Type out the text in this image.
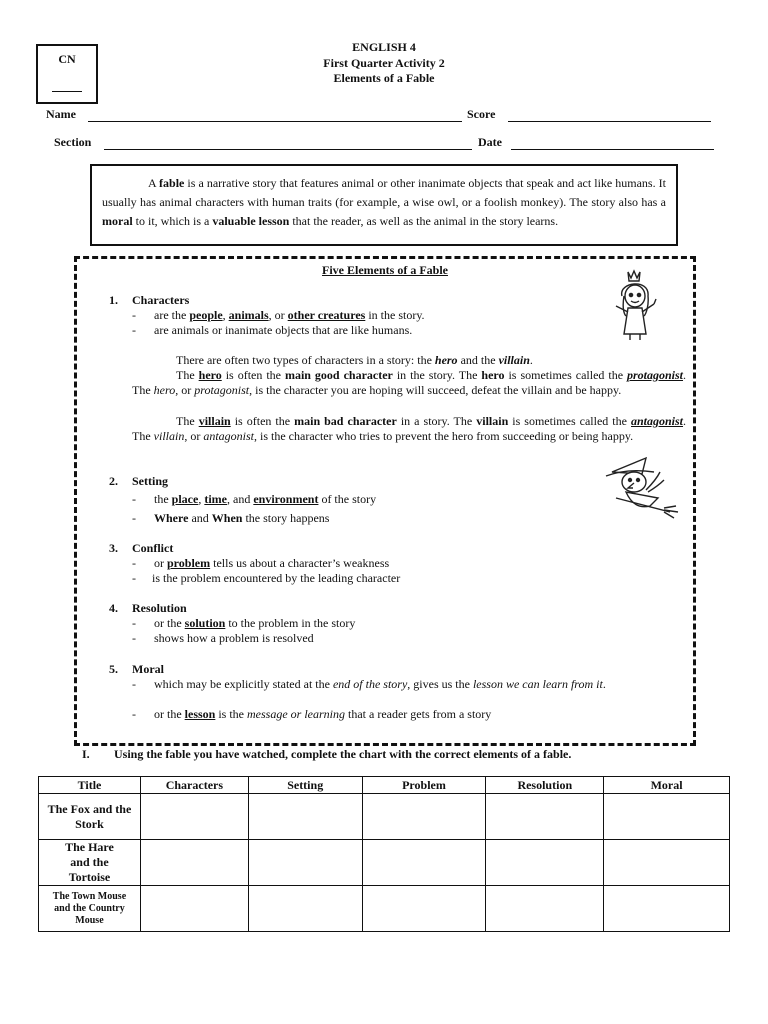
CN
ENGLISH 4
First Quarter Activity 2
Elements of a Fable
Name	Score
Section	Date

A fable is a narrative story that features animal or other inanimate objects that speak and act like humans. It usually has animal characters with human traits (for example, a wise owl, or a foolish monkey). The story also has a moral to it, which is a valuable lesson that the reader, as well as the animal in the story learns.

Five Elements of a Fable
1. Characters
- are the people, animals, or other creatures in the story.
- are animals or inanimate objects that are like humans.
There are often two types of characters in a story: the hero and the villain.
The hero is often the main good character in the story. The hero is sometimes called the protagonist. The hero, or protagonist, is the character you are hoping will succeed, defeat the villain and be happy.
The villain is often the main bad character in a story. The villain is sometimes called the antagonist. The villain, or antagonist, is the character who tries to prevent the hero from succeeding or being happy.
2. Setting
- the place, time, and environment of the story
- Where and When the story happens
3. Conflict
- or problem tells us about a character’s weakness
- is the problem encountered by the leading character
4. Resolution
- or the solution to the problem in the story
- shows how a problem is resolved
5. Moral
- which may be explicitly stated at the end of the story, gives us the lesson we can learn from it.
- or the lesson is the message or learning that a reader gets from a story
I. Using the fable you have watched, complete the chart with the correct elements of a fable.
Title	Characters	Setting	Problem	Resolution	Moral
The Fox and the Stork					
The Hare and the Tortoise					
The Town Mouse and the Country Mouse					
